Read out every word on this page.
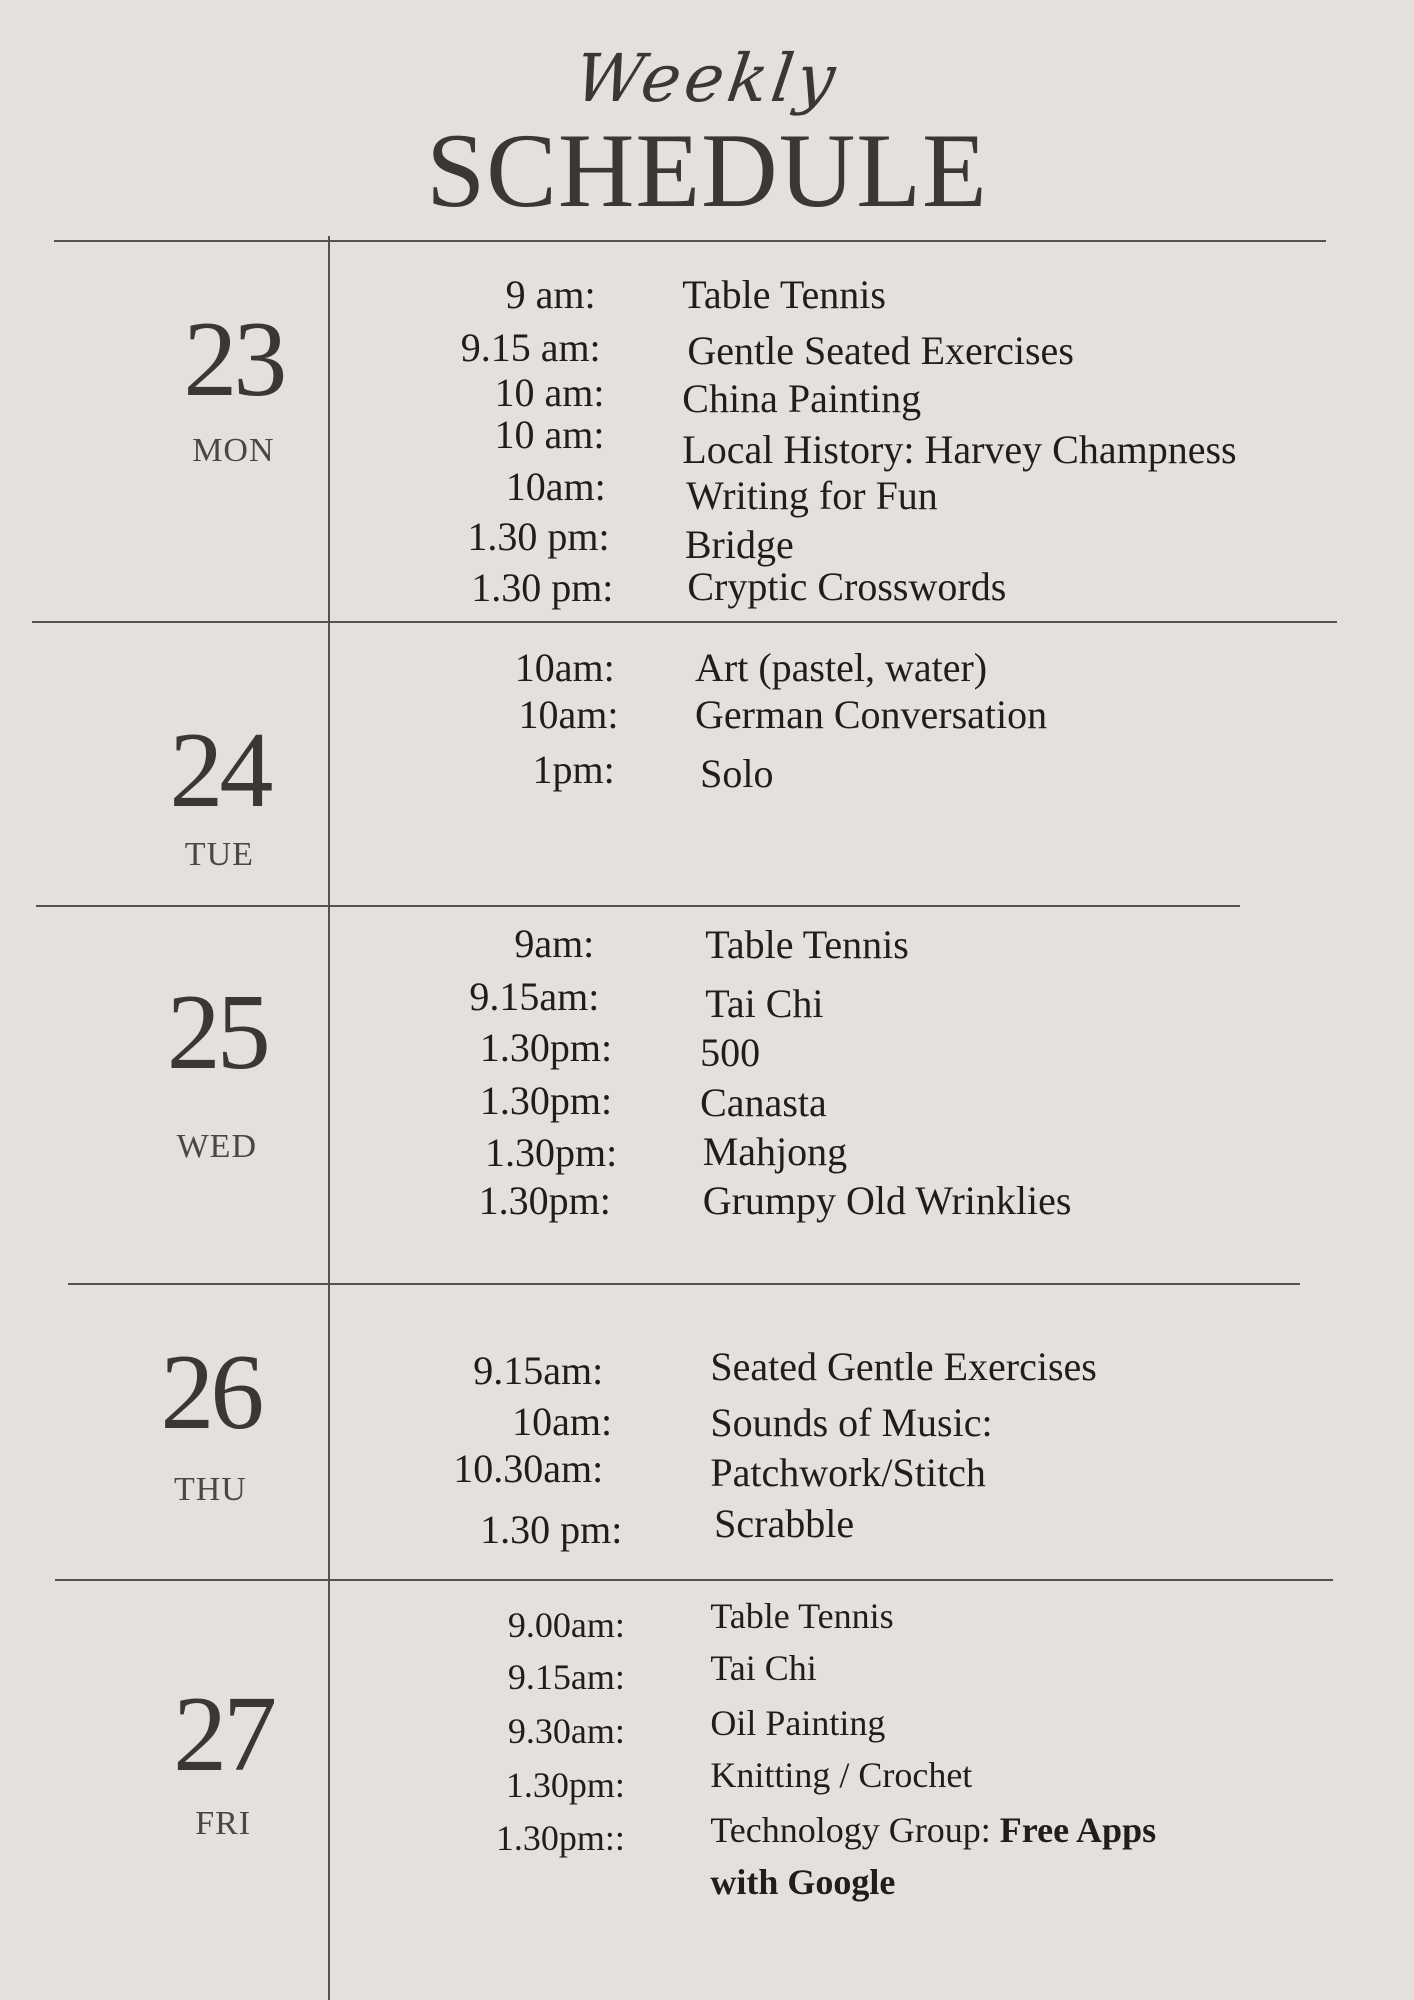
Weekly
SCHEDULE
23
MON
9 am: Table Tennis
9.15 am: Gentle Seated Exercises
10 am: China Painting
10 am: Local History: Harvey Champness
10am: Writing for Fun
1.30 pm: Bridge
1.30 pm: Cryptic Crosswords
24
TUE
10am: Art (pastel, water)
10am: German Conversation
1pm: Solo
25
WED
9am:	Table Tennis
9.15am:	Tai Chi
1.30pm: 500
1.30pm: Canasta
1.30pm: Mahjong
1.30pm: Grumpy Old Wrinklies
26
THU
9.15am:	Seated Gentle Exercises
10am: Sounds of Music:
10.30am:	Patchwork/Stitch
1.30 pm: Scrabble
27
FRI
9.00am: Table Tennis
9.15am: Tai Chi
9.30am: Oil Painting
1.30pm: Knitting / Crochet
1.30pm:: Technology Group: Free Apps
with Google
